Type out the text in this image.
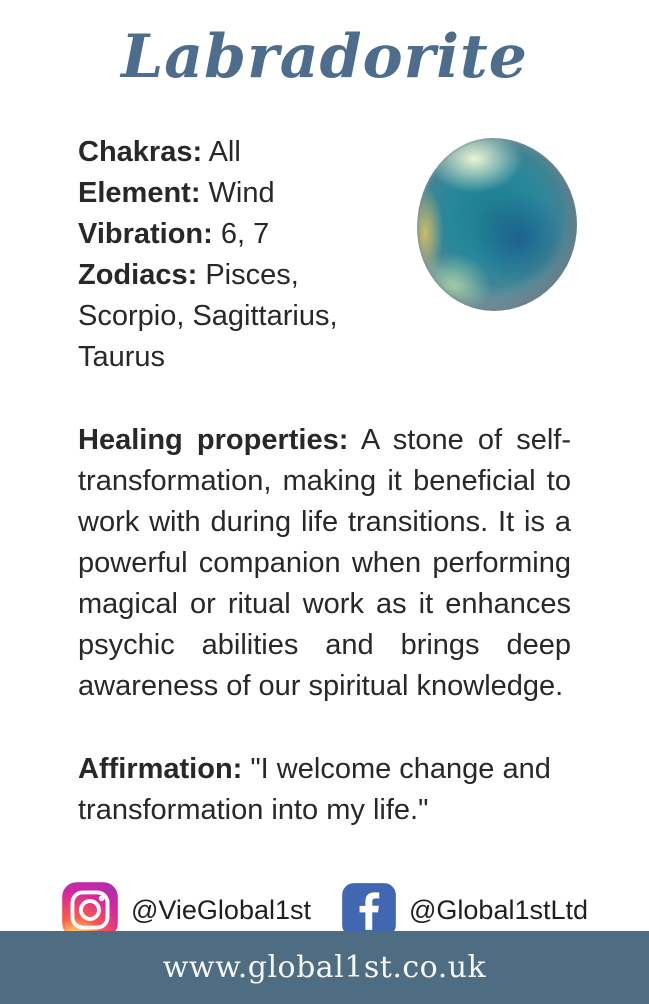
Labradorite
Chakras: All
Element: Wind
Vibration: 6, 7
Zodiacs: Pisces, Scorpio, Sagittarius, Taurus

Healing properties: A stone of self-transformation, making it beneficial to work with during life transitions. It is a powerful companion when performing magical or ritual work as it enhances psychic abilities and brings deep awareness of our spiritual knowledge.

Affirmation: "I welcome change and transformation into my life."

@VieGlobal1st	@Global1stLtd
www.global1st.co.uk
